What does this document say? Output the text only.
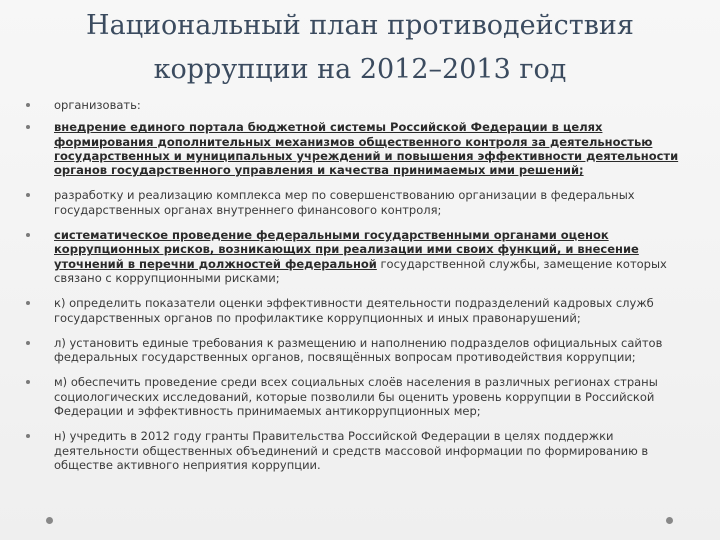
Национальный план противодействия
коррупции на 2012–2013 год
организовать:
внедрение единого портала бюджетной системы Российской Федерации в целях формирования дополнительных механизмов общественного контроля за деятельностью государственных и муниципальных учреждений и повышения эффективности деятельности органов государственного управления и качества принимаемых ими решений;
разработку и реализацию комплекса мер по совершенствованию организации в федеральных государственных органах внутреннего финансового контроля;
систематическое проведение федеральными государственными органами оценок коррупционных рисков, возникающих при реализации ими своих функций, и внесение уточнений в перечни должностей федеральной государственной службы, замещение которых связано с коррупционными рисками;
к) определить показатели оценки эффективности деятельности подразделений кадровых служб государственных органов по профилактике коррупционных и иных правонарушений;
л) установить единые требования к размещению и наполнению подразделов официальных сайтов федеральных государственных органов, посвящённых вопросам противодействия коррупции;
м) обеспечить проведение среди всех социальных слоёв населения в различных регионах страны социологических исследований, которые позволили бы оценить уровень коррупции в Российской Федерации и эффективность принимаемых антикоррупционных мер;
н) учредить в 2012 году гранты Правительства Российской Федерации в целях поддержки деятельности общественных объединений и средств массовой информации по формированию в обществе активного неприятия коррупции.
